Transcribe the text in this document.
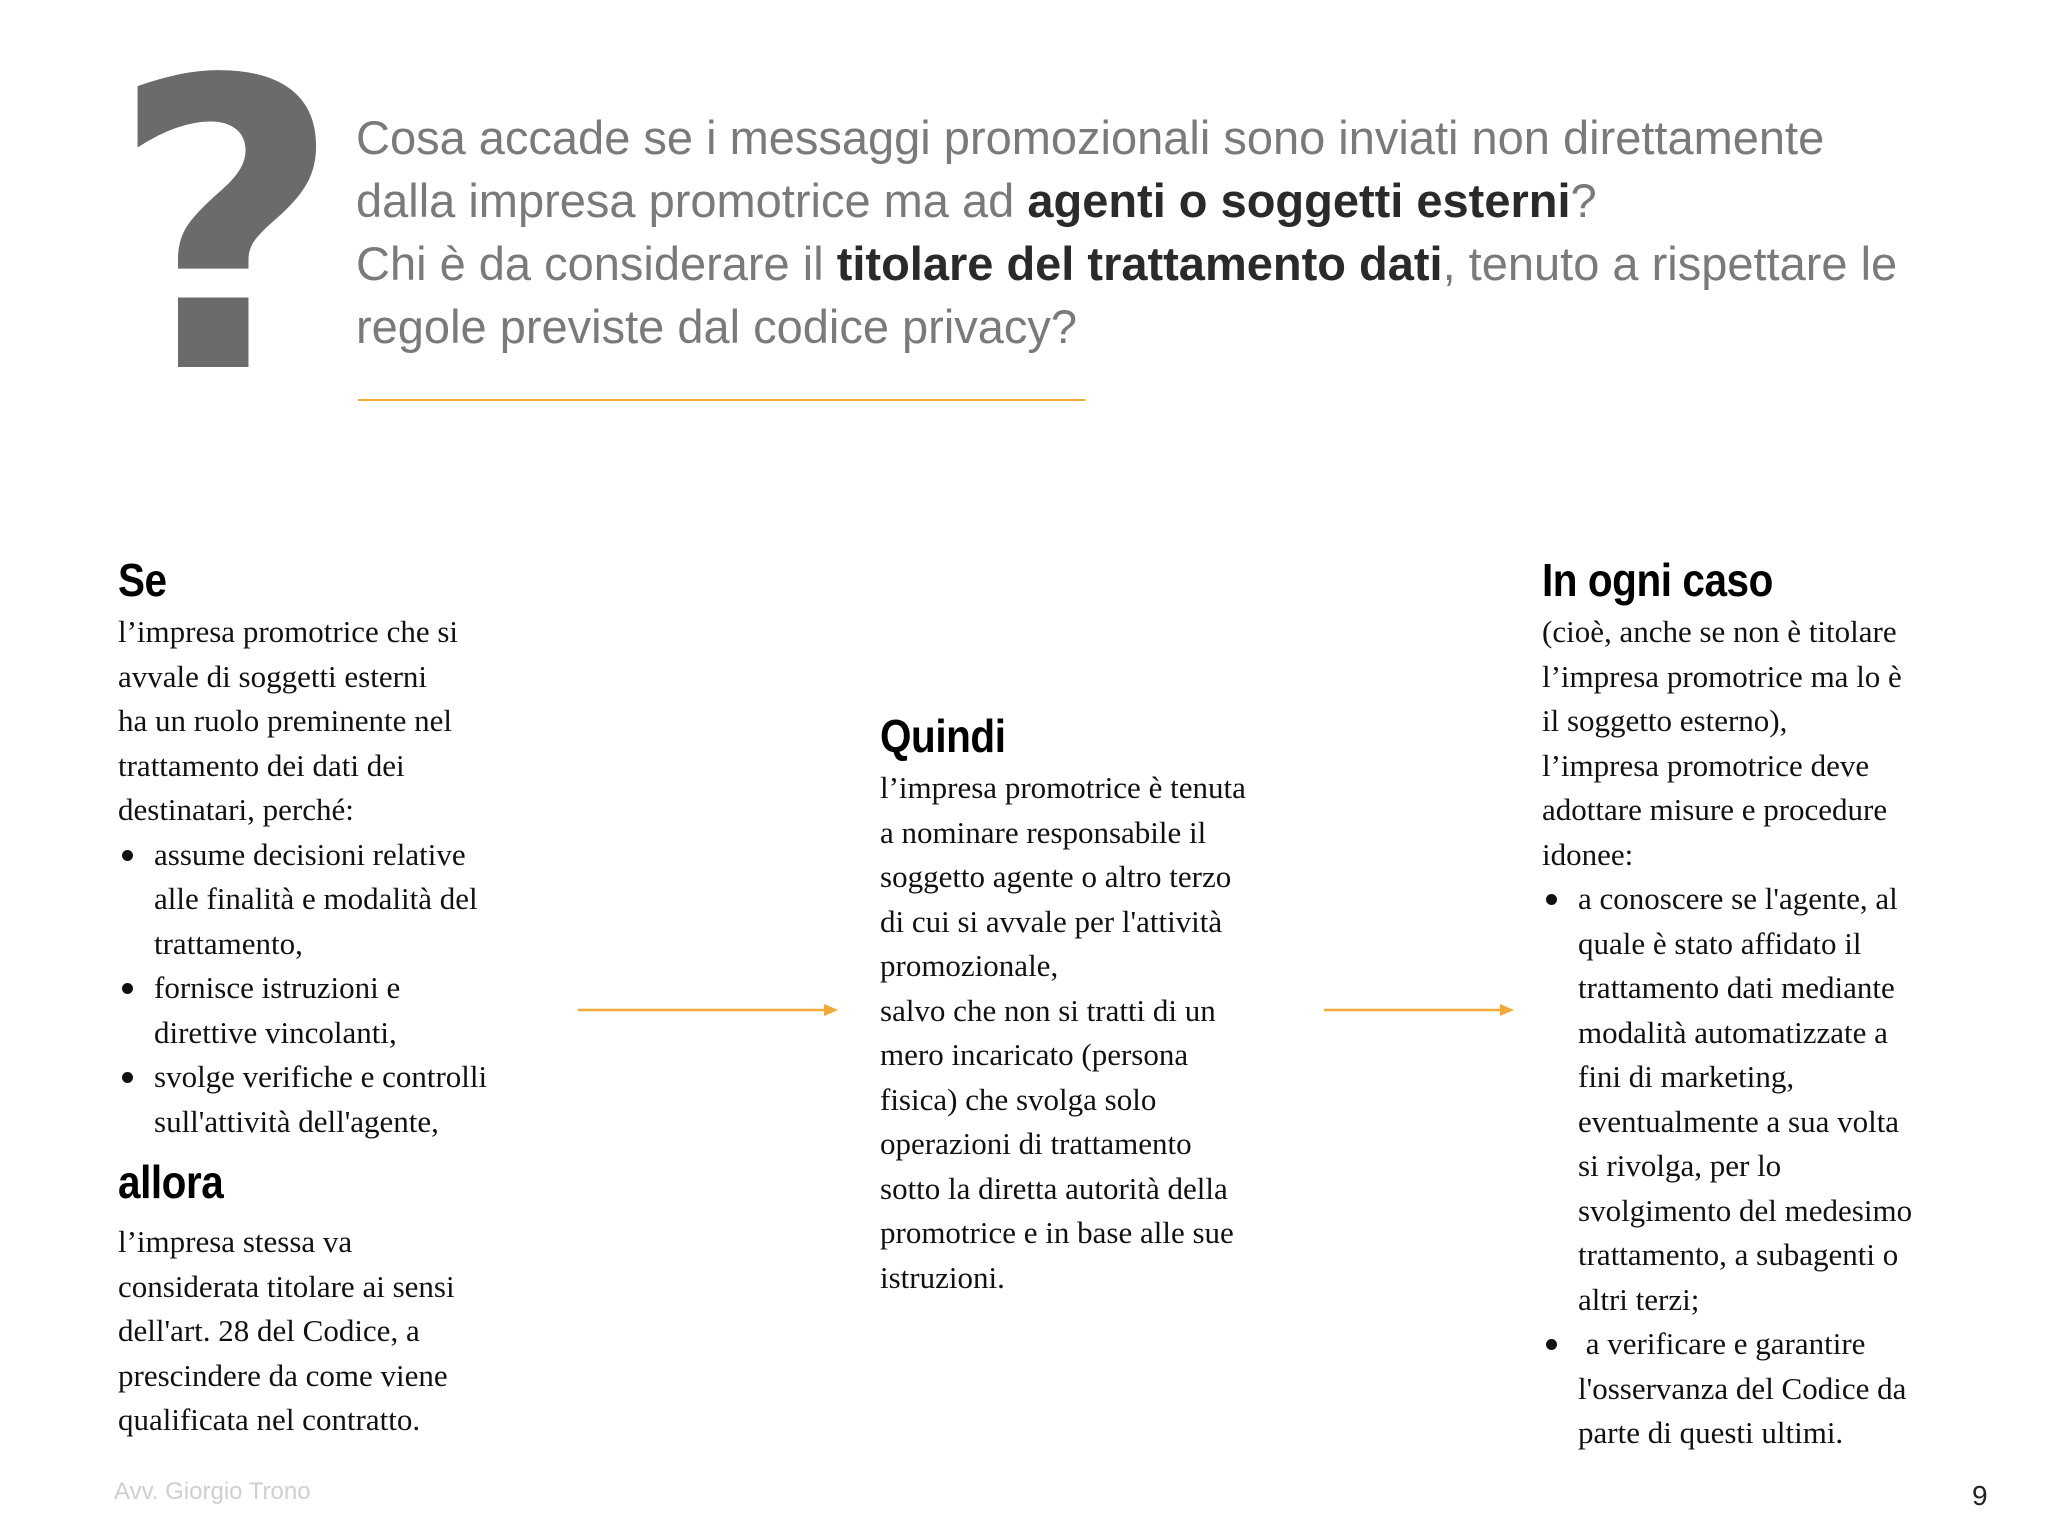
? Cosa accade se i messaggi promozionali sono inviati non direttamente
dalla impresa promotrice ma ad agenti o soggetti esterni?
Chi è da considerare il titolare del trattamento dati, tenuto a rispettare le
regole previste dal codice privacy?
Se
l’impresa promotrice che si
avvale di soggetti esterni
ha un ruolo preminente nel
trattamento dei dati dei
destinatari, perché:
assume decisioni relative
alle finalità e modalità del
trattamento,
fornisce istruzioni e
direttive vincolanti,
svolge verifiche e controlli
sull'attività dell'agente,
allora
l’impresa stessa va
considerata titolare ai sensi
dell'art. 28 del Codice, a
prescindere da come viene
qualificata nel contratto.
Quindi
l’impresa promotrice è tenuta
a nominare responsabile il
soggetto agente o altro terzo
di cui si avvale per l'attività
promozionale,
salvo che non si tratti di un
mero incaricato (persona
fisica) che svolga solo
operazioni di trattamento
sotto la diretta autorità della
promotrice e in base alle sue
istruzioni.
In ogni caso
(cioè, anche se non è titolare
l’impresa promotrice ma lo è
il soggetto esterno),
l’impresa promotrice deve
adottare misure e procedure
idonee:
a conoscere se l'agente, al
quale è stato affidato il
trattamento dati mediante
modalità automatizzate a
fini di marketing,
eventualmente a sua volta
si rivolga, per lo
svolgimento del medesimo
trattamento, a subagenti o
altri terzi;
a verificare e garantire
l'osservanza del Codice da
parte di questi ultimi.
Avv. Giorgio Trono	9
